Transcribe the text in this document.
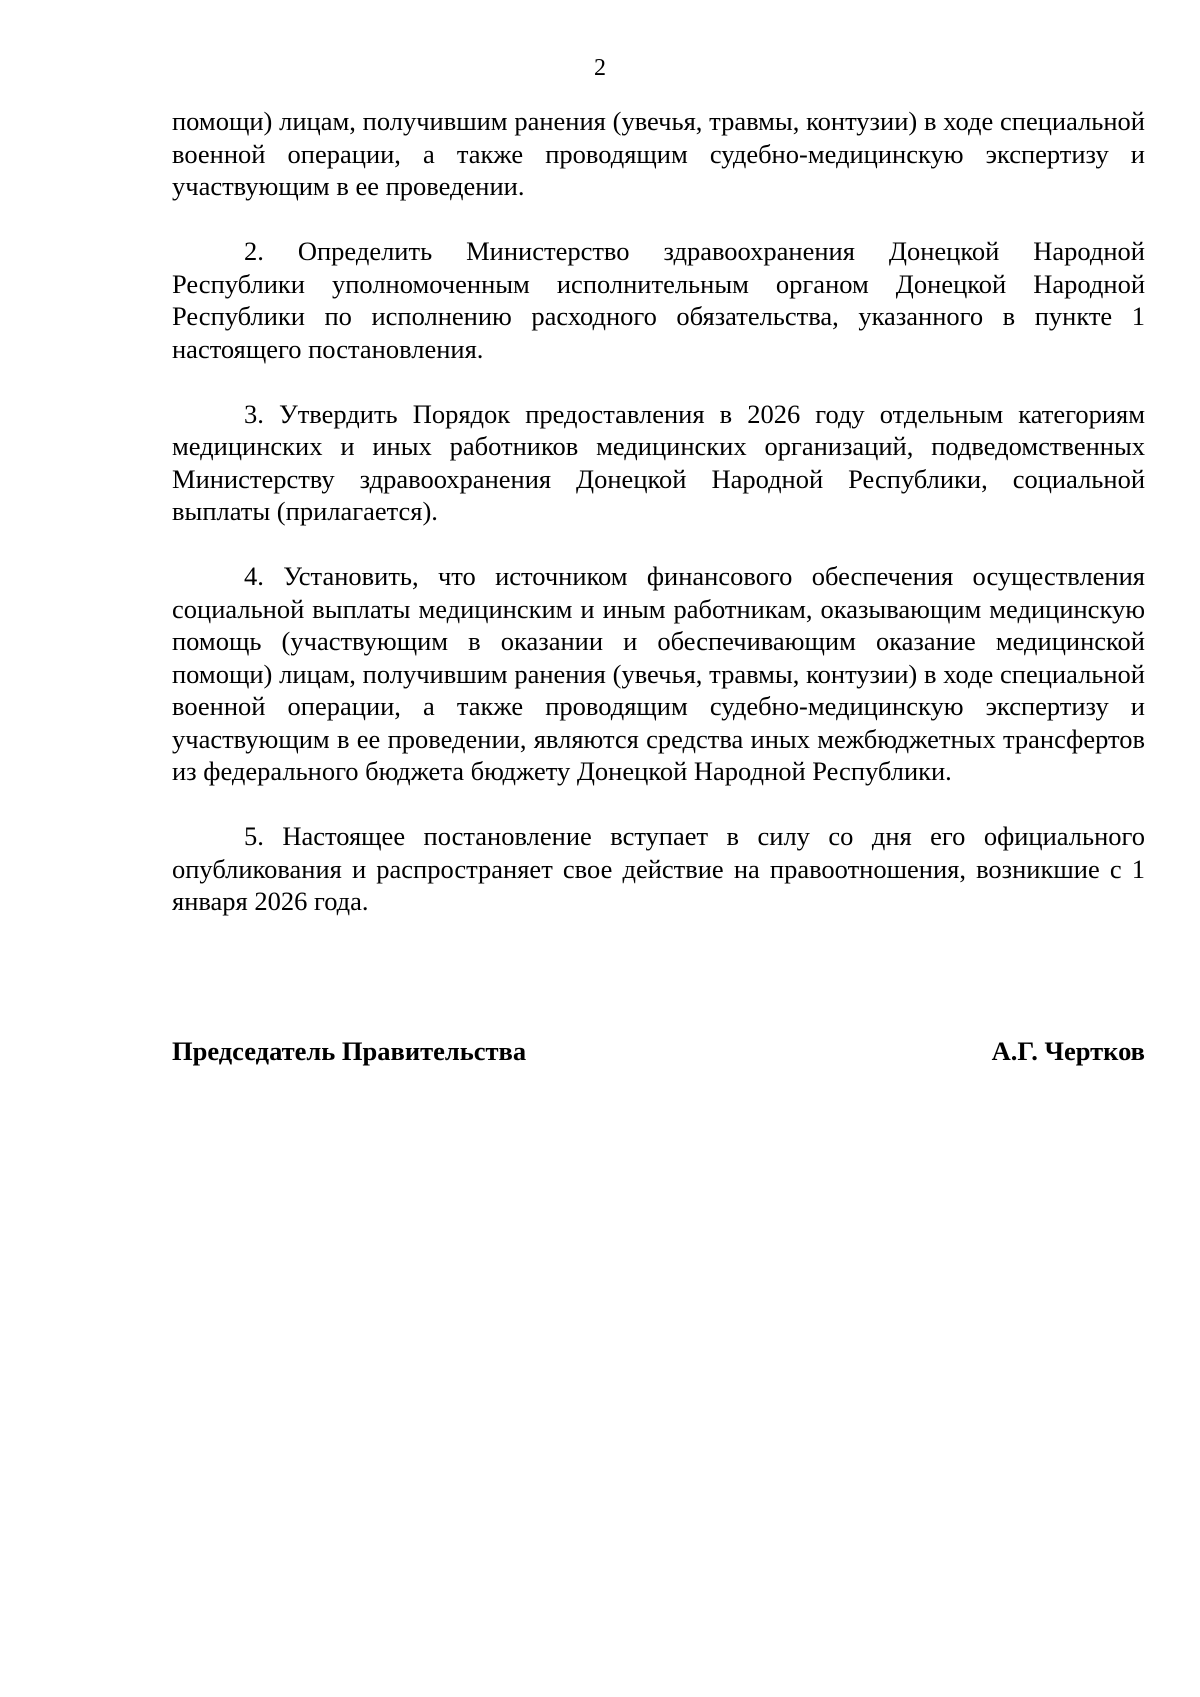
2

помощи) лицам, получившим ранения (увечья, травмы, контузии) в ходе специальной военной операции, а также проводящим судебно-медицинскую экспертизу и участвующим в ее проведении.

2. Определить Министерство здравоохранения Донецкой Народной Республики уполномоченным исполнительным органом Донецкой Народной Республики по исполнению расходного обязательства, указанного в пункте 1 настоящего постановления.

3. Утвердить Порядок предоставления в 2026 году отдельным категориям медицинских и иных работников медицинских организаций, подведомственных Министерству здравоохранения Донецкой Народной Республики, социальной выплаты (прилагается).

4. Установить, что источником финансового обеспечения осуществления социальной выплаты медицинским и иным работникам, оказывающим медицинскую помощь (участвующим в оказании и обеспечивающим оказание медицинской помощи) лицам, получившим ранения (увечья, травмы, контузии) в ходе специальной военной операции, а также проводящим судебно-медицинскую экспертизу и участвующим в ее проведении, являются средства иных межбюджетных трансфертов из федерального бюджета бюджету Донецкой Народной Республики.

5. Настоящее постановление вступает в силу со дня его официального опубликования и распространяет свое действие на правоотношения, возникшие с 1 января 2026 года.

Председатель Правительства	А.Г. Чертков
